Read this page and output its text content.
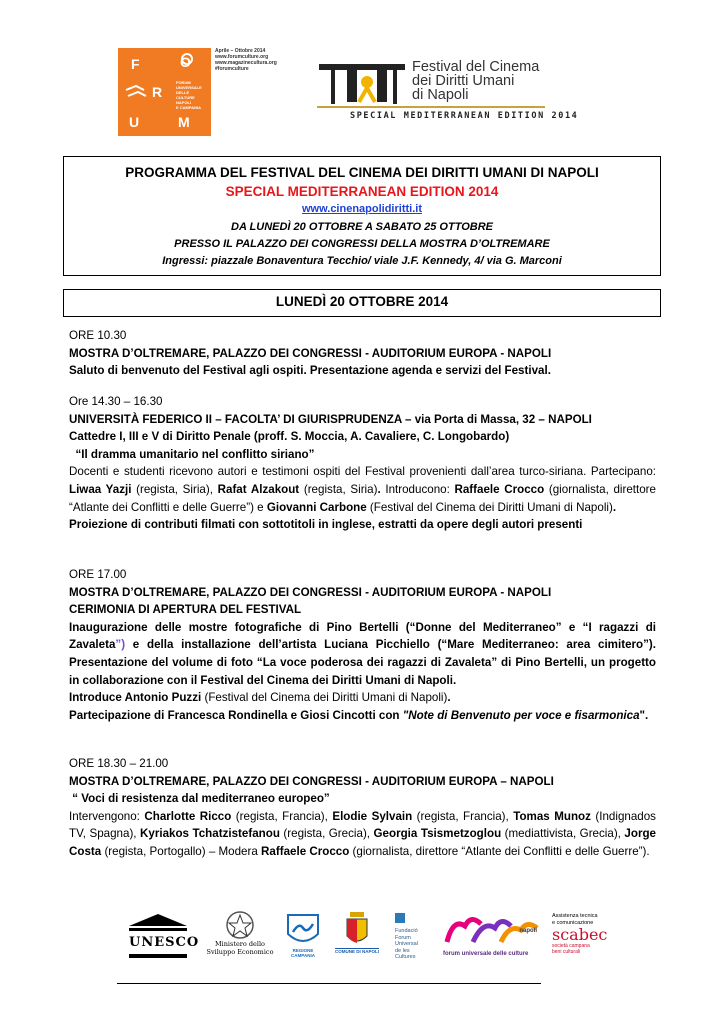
F	O
R
U	M
FORUM
UNIVERSALE
DELLE
CULTURE
NAPOLI
E CAMPANIA
Aprile – Ottobre 2014
www.forumculture.org
www.magazinecultura.org
#forumculture	Festival del Cinema
dei Diritti Umani
di Napoli
SPECIAL MEDITERRANEAN EDITION 2014
PROGRAMMA DEL FESTIVAL DEL CINEMA DEI DIRITTI UMANI DI NAPOLI
SPECIAL MEDITERRANEAN EDITION 2014
www.cinenapolidiritti.it
DA LUNEDÌ 20 OTTOBRE A SABATO 25 OTTOBRE
PRESSO IL PALAZZO DEI CONGRESSI DELLA MOSTRA D’OLTREMARE
Ingressi: piazzale Bonaventura Tecchio/ viale J.F. Kennedy, 4/ via G. Marconi
LUNEDÌ 20 OTTOBRE 2014
ORE 10.30
MOSTRA D’OLTREMARE, PALAZZO DEI CONGRESSI - AUDITORIUM EUROPA - NAPOLI
Saluto di benvenuto del Festival agli ospiti. Presentazione agenda e servizi del Festival.
Ore 14.30 – 16.30
UNIVERSITÀ FEDERICO II – FACOLTA’ DI GIURISPRUDENZA – via Porta di Massa, 32 – NAPOLI
Cattedre I, III e V di Diritto Penale (proff. S. Moccia, A. Cavaliere, C. Longobardo)
“Il dramma umanitario nel conflitto siriano”
Docenti e studenti ricevono autori e testimoni ospiti del Festival provenienti dall’area turco-siriana. Partecipano: Liwaa Yazji (regista, Siria), Rafat Alzakout (regista, Siria). Introducono: Raffaele Crocco (giornalista, direttore “Atlante dei Conflitti e delle Guerre”) e Giovanni Carbone (Festival del Cinema dei Diritti Umani di Napoli).
Proiezione di contributi filmati con sottotitoli in inglese, estratti da opere degli autori presenti
ORE 17.00
MOSTRA D’OLTREMARE, PALAZZO DEI CONGRESSI - AUDITORIUM EUROPA - NAPOLI
CERIMONIA DI APERTURA DEL FESTIVAL
Inaugurazione delle mostre fotografiche di Pino Bertelli (“Donne del Mediterraneo” e “I ragazzi di Zavaleta”) e della installazione dell’artista Luciana Picchiello (“Mare Mediterraneo: area cimitero”). Presentazione del volume di foto “La voce poderosa dei ragazzi di Zavaleta” di Pino Bertelli, un progetto in collaborazione con il Festival del Cinema dei Diritti Umani di Napoli.
Introduce Antonio Puzzi (Festival del Cinema dei Diritti Umani di Napoli).
Partecipazione di Francesca Rondinella e Giosi Cincotti con "Note di Benvenuto per voce e fisarmonica".
ORE 18.30 – 21.00
MOSTRA D’OLTREMARE, PALAZZO DEI CONGRESSI - AUDITORIUM EUROPA – NAPOLI
“ Voci di resistenza dal mediterraneo europeo”
Intervengono: Charlotte Ricco (regista, Francia), Elodie Sylvain (regista, Francia), Tomas Munoz (Indignados TV, Spagna), Kyriakos Tchatzistefanou (regista, Grecia), Georgia Tsismetzoglou (mediattivista, Grecia), Jorge Costa (regista, Portogallo) – Modera Raffaele Crocco (giornalista, direttore “Atlante dei Conflitti e delle Guerre”).
UNESCO	Ministero dello
Sviluppo Economico	REGIONE CAMPANIA
COMUNE DI NAPOLI
Fundació
Forum
Universal
de les
Cultures
napoli
forum universale delle culture
Assistenza tecnica
e comunicazione
scabec
società campana
beni culturali
